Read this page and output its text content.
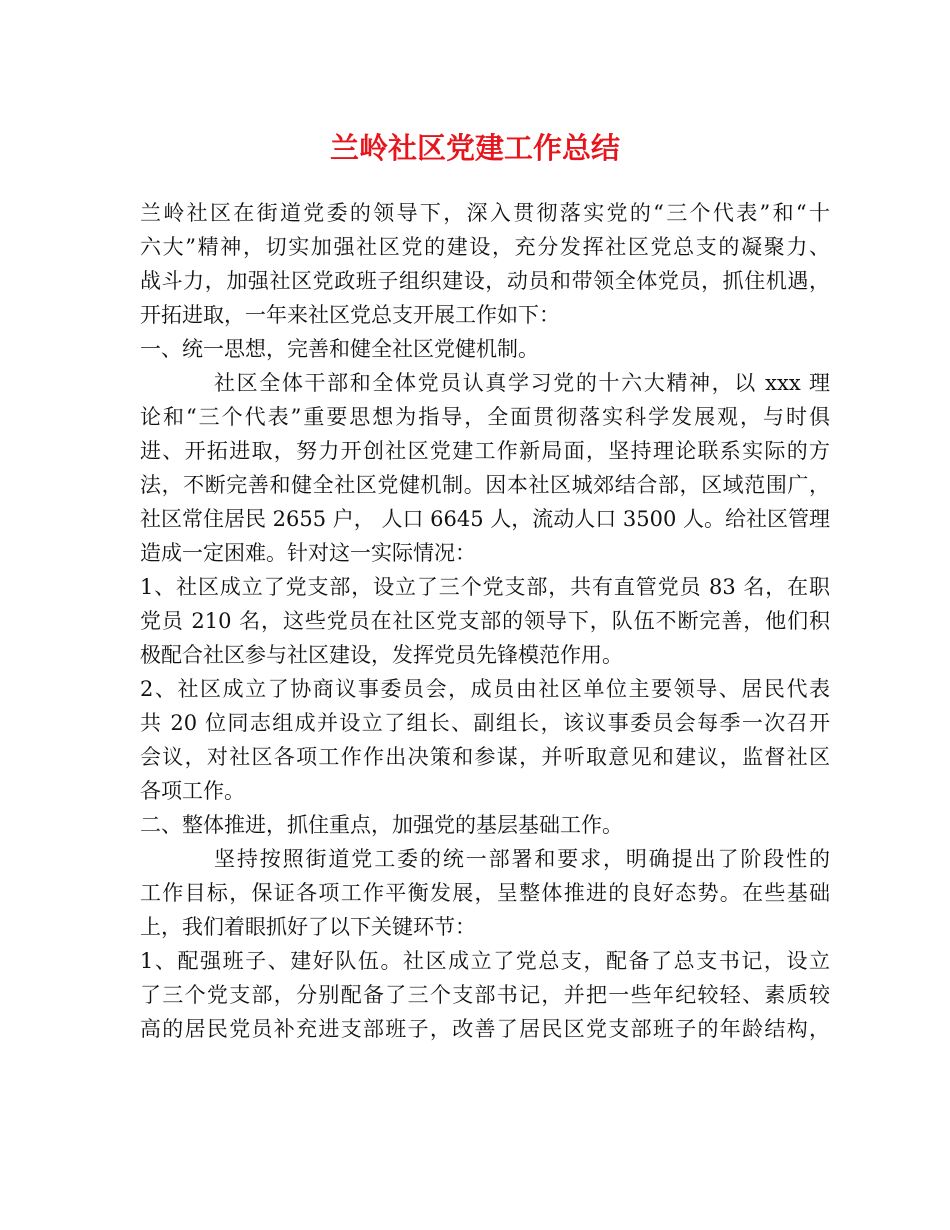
兰岭社区党建工作总结
兰岭社区在街道党委的领导下，深入贯彻落实党的“三个代表”和“十
六大”精神，切实加强社区党的建设，充分发挥社区党总支的凝聚力、
战斗力，加强社区党政班子组织建设，动员和带领全体党员，抓住机遇，
开拓进取，一年来社区党总支开展工作如下：
一、统一思想，完善和健全社区党健机制。
社区全体干部和全体党员认真学习党的十六大精神，以 xxx 理
论和“三个代表”重要思想为指导，全面贯彻落实科学发展观，与时俱
进、开拓进取，努力开创社区党建工作新局面，坚持理论联系实际的方
法，不断完善和健全社区党健机制。因本社区城郊结合部，区域范围广，
社区常住居民 2655 户， 人口 6645 人，流动人口 3500 人。给社区管理
造成一定困难。针对这一实际情况：
1、社区成立了党支部，设立了三个党支部，共有直管党员 83 名，在职
党员 210 名，这些党员在社区党支部的领导下，队伍不断完善，他们积
极配合社区参与社区建设，发挥党员先锋模范作用。
2、社区成立了协商议事委员会，成员由社区单位主要领导、居民代表
共 20 位同志组成并设立了组长、副组长，该议事委员会每季一次召开
会议，对社区各项工作作出决策和参谋，并听取意见和建议，监督社区
各项工作。
二、整体推进，抓住重点，加强党的基层基础工作。
坚持按照街道党工委的统一部署和要求，明确提出了阶段性的
工作目标，保证各项工作平衡发展，呈整体推进的良好态势。在些基础
上，我们着眼抓好了以下关键环节：
1、配强班子、建好队伍。社区成立了党总支，配备了总支书记，设立
了三个党支部，分别配备了三个支部书记，并把一些年纪较轻、素质较
高的居民党员补充进支部班子，改善了居民区党支部班子的年龄结构，
